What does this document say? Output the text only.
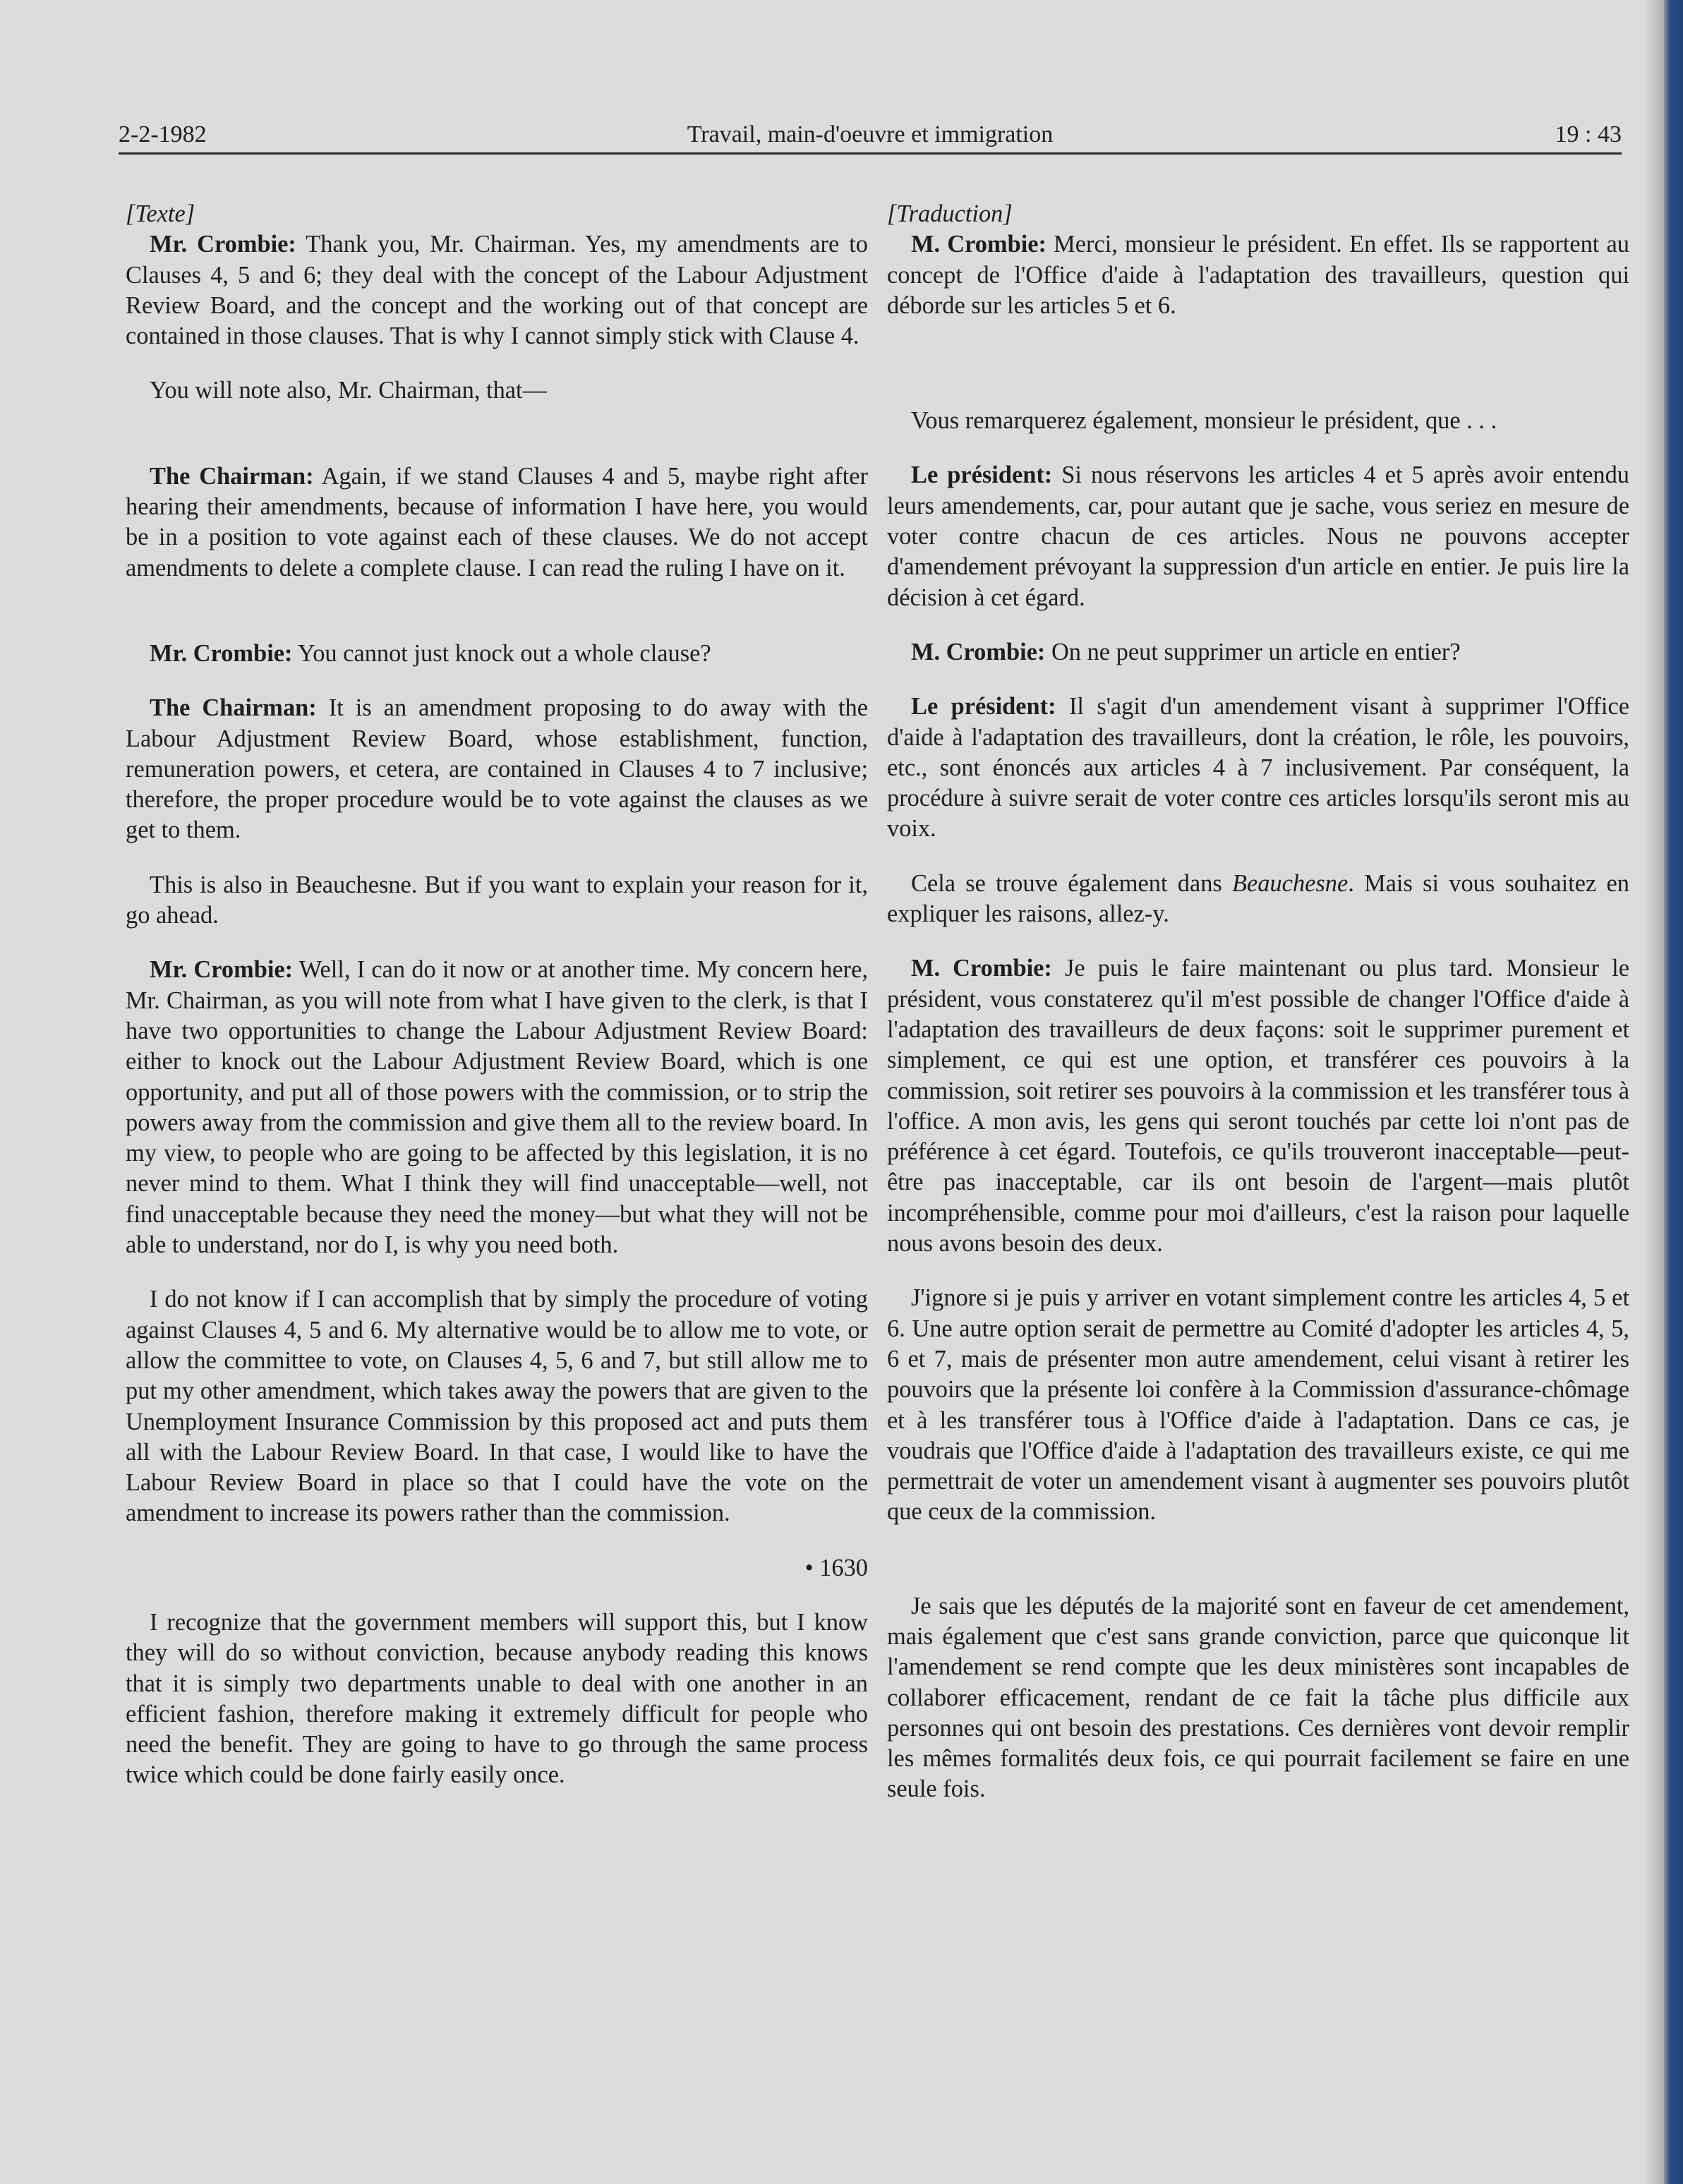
2-2-1982	Travail, main-d'oeuvre et immigration	19 : 43

[Texte]

Mr. Crombie: Thank you, Mr. Chairman. Yes, my amendments are to Clauses 4, 5 and 6; they deal with the concept of the Labour Adjustment Review Board, and the concept and the working out of that concept are contained in those clauses. That is why I cannot simply stick with Clause 4.

You will note also, Mr. Chairman, that—

The Chairman: Again, if we stand Clauses 4 and 5, maybe right after hearing their amendments, because of information I have here, you would be in a position to vote against each of these clauses. We do not accept amendments to delete a complete clause. I can read the ruling I have on it.

Mr. Crombie: You cannot just knock out a whole clause?

The Chairman: It is an amendment proposing to do away with the Labour Adjustment Review Board, whose establishment, function, remuneration powers, et cetera, are contained in Clauses 4 to 7 inclusive; therefore, the proper procedure would be to vote against the clauses as we get to them.

This is also in Beauchesne. But if you want to explain your reason for it, go ahead.

Mr. Crombie: Well, I can do it now or at another time. My concern here, Mr. Chairman, as you will note from what I have given to the clerk, is that I have two opportunities to change the Labour Adjustment Review Board: either to knock out the Labour Adjustment Review Board, which is one opportunity, and put all of those powers with the commission, or to strip the powers away from the commission and give them all to the review board. In my view, to people who are going to be affected by this legislation, it is no never mind to them. What I think they will find unacceptable—well, not find unacceptable because they need the money—but what they will not be able to understand, nor do I, is why you need both.

I do not know if I can accomplish that by simply the procedure of voting against Clauses 4, 5 and 6. My alternative would be to allow me to vote, or allow the committee to vote, on Clauses 4, 5, 6 and 7, but still allow me to put my other amendment, which takes away the powers that are given to the Unemployment Insurance Commission by this proposed act and puts them all with the Labour Review Board. In that case, I would like to have the Labour Review Board in place so that I could have the vote on the amendment to increase its powers rather than the commission.

• 1630

I recognize that the government members will support this, but I know they will do so without conviction, because anybody reading this knows that it is simply two departments unable to deal with one another in an efficient fashion, therefore making it extremely difficult for people who need the benefit. They are going to have to go through the same process twice which could be done fairly easily once.

[Traduction]

M. Crombie: Merci, monsieur le président. En effet. Ils se rapportent au concept de l'Office d'aide à l'adaptation des travailleurs, question qui déborde sur les articles 5 et 6.

Vous remarquerez également, monsieur le président, que . . .

Le président: Si nous réservons les articles 4 et 5 après avoir entendu leurs amendements, car, pour autant que je sache, vous seriez en mesure de voter contre chacun de ces articles. Nous ne pouvons accepter d'amendement prévoyant la suppression d'un article en entier. Je puis lire la décision à cet égard.

M. Crombie: On ne peut supprimer un article en entier?

Le président: Il s'agit d'un amendement visant à supprimer l'Office d'aide à l'adaptation des travailleurs, dont la création, le rôle, les pouvoirs, etc., sont énoncés aux articles 4 à 7 inclusivement. Par conséquent, la procédure à suivre serait de voter contre ces articles lorsqu'ils seront mis au voix.

Cela se trouve également dans Beauchesne. Mais si vous souhaitez en expliquer les raisons, allez-y.

M. Crombie: Je puis le faire maintenant ou plus tard. Monsieur le président, vous constaterez qu'il m'est possible de changer l'Office d'aide à l'adaptation des travailleurs de deux façons: soit le supprimer purement et simplement, ce qui est une option, et transférer ces pouvoirs à la commission, soit retirer ses pouvoirs à la commission et les transférer tous à l'office. A mon avis, les gens qui seront touchés par cette loi n'ont pas de préférence à cet égard. Toutefois, ce qu'ils trouveront inacceptable—peut-être pas inacceptable, car ils ont besoin de l'argent—mais plutôt incompréhensible, comme pour moi d'ailleurs, c'est la raison pour laquelle nous avons besoin des deux.

J'ignore si je puis y arriver en votant simplement contre les articles 4, 5 et 6. Une autre option serait de permettre au Comité d'adopter les articles 4, 5, 6 et 7, mais de présenter mon autre amendement, celui visant à retirer les pouvoirs que la présente loi confère à la Commission d'assurance-chômage et à les transférer tous à l'Office d'aide à l'adaptation. Dans ce cas, je voudrais que l'Office d'aide à l'adaptation des travailleurs existe, ce qui me permettrait de voter un amendement visant à augmenter ses pouvoirs plutôt que ceux de la commission.

Je sais que les députés de la majorité sont en faveur de cet amendement, mais également que c'est sans grande conviction, parce que quiconque lit l'amendement se rend compte que les deux ministères sont incapables de collaborer efficacement, rendant de ce fait la tâche plus difficile aux personnes qui ont besoin des prestations. Ces dernières vont devoir remplir les mêmes formalités deux fois, ce qui pourrait facilement se faire en une seule fois.
